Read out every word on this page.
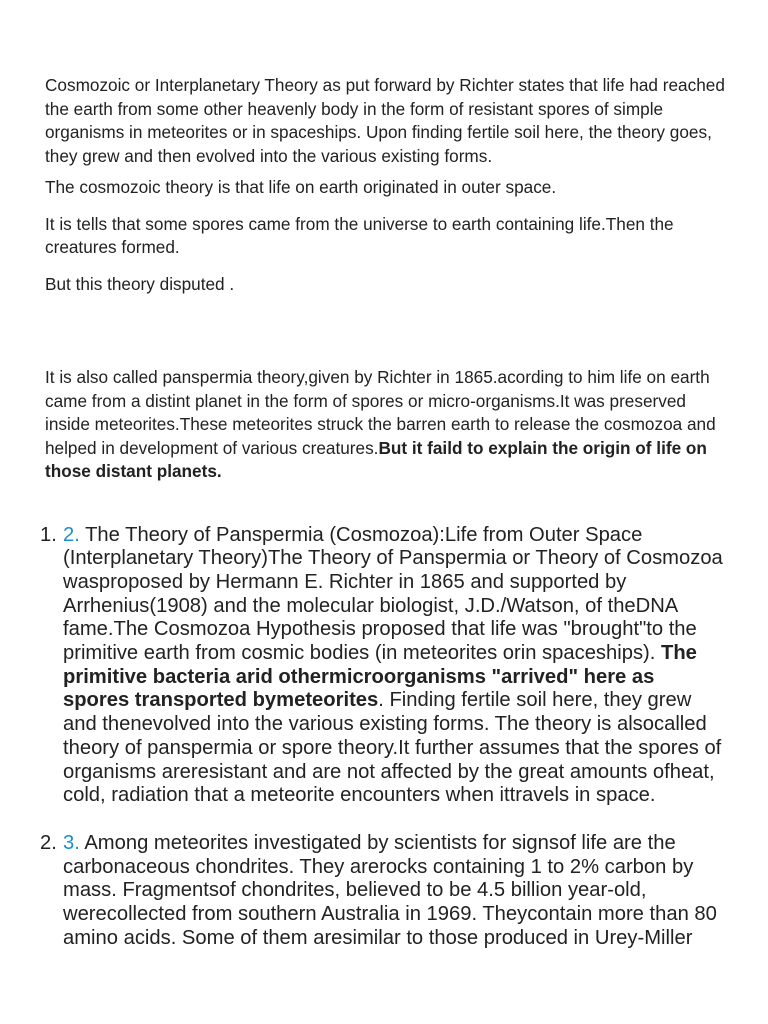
Cosmozoic or Interplanetary Theory as put forward by Richter states that life had reached the earth from some other heavenly body in the form of resistant spores of simple organisms in meteorites or in spaceships. Upon finding fertile soil here, the theory goes, they grew and then evolved into the various existing forms.

The cosmozoic theory is that life on earth originated in outer space.

It is tells that some spores came from the universe to earth containing life.Then the creatures formed.

But this theory disputed .

It is also called panspermia theory,given by Richter in 1865.acording to him life on earth came from a distint planet in the form of spores or micro-organisms.It was preserved inside meteorites.These meteorites struck the barren earth to release the cosmozoa and helped in development of various creatures.But it faild to explain the origin of life on those distant planets.

1. 2. The Theory of Panspermia (Cosmozoa):Life from Outer Space (Interplanetary Theory)The Theory of Panspermia or Theory of Cosmozoa wasproposed by Hermann E. Richter in 1865 and supported by Arrhenius(1908) and the molecular biologist, J.D./Watson, of theDNA fame.The Cosmozoa Hypothesis proposed that life was "brought"to the primitive earth from cosmic bodies (in meteorites orin spaceships). The primitive bacteria arid othermicroorganisms "arrived" here as spores transported bymeteorites. Finding fertile soil here, they grew and thenevolved into the various existing forms. The theory is alsocalled theory of panspermia or spore theory.It further assumes that the spores of organisms areresistant and are not affected by the great amounts ofheat, cold, radiation that a meteorite encounters when ittravels in space.
2. 3. Among meteorites investigated by scientists for signsof life are the carbonaceous chondrites. They arerocks containing 1 to 2% carbon by mass. Fragmentsof chondrites, believed to be 4.5 billion year-old, werecollected from southern Australia in 1969. Theycontain more than 80 amino acids. Some of them aresimilar to those produced in Urey-Miller
